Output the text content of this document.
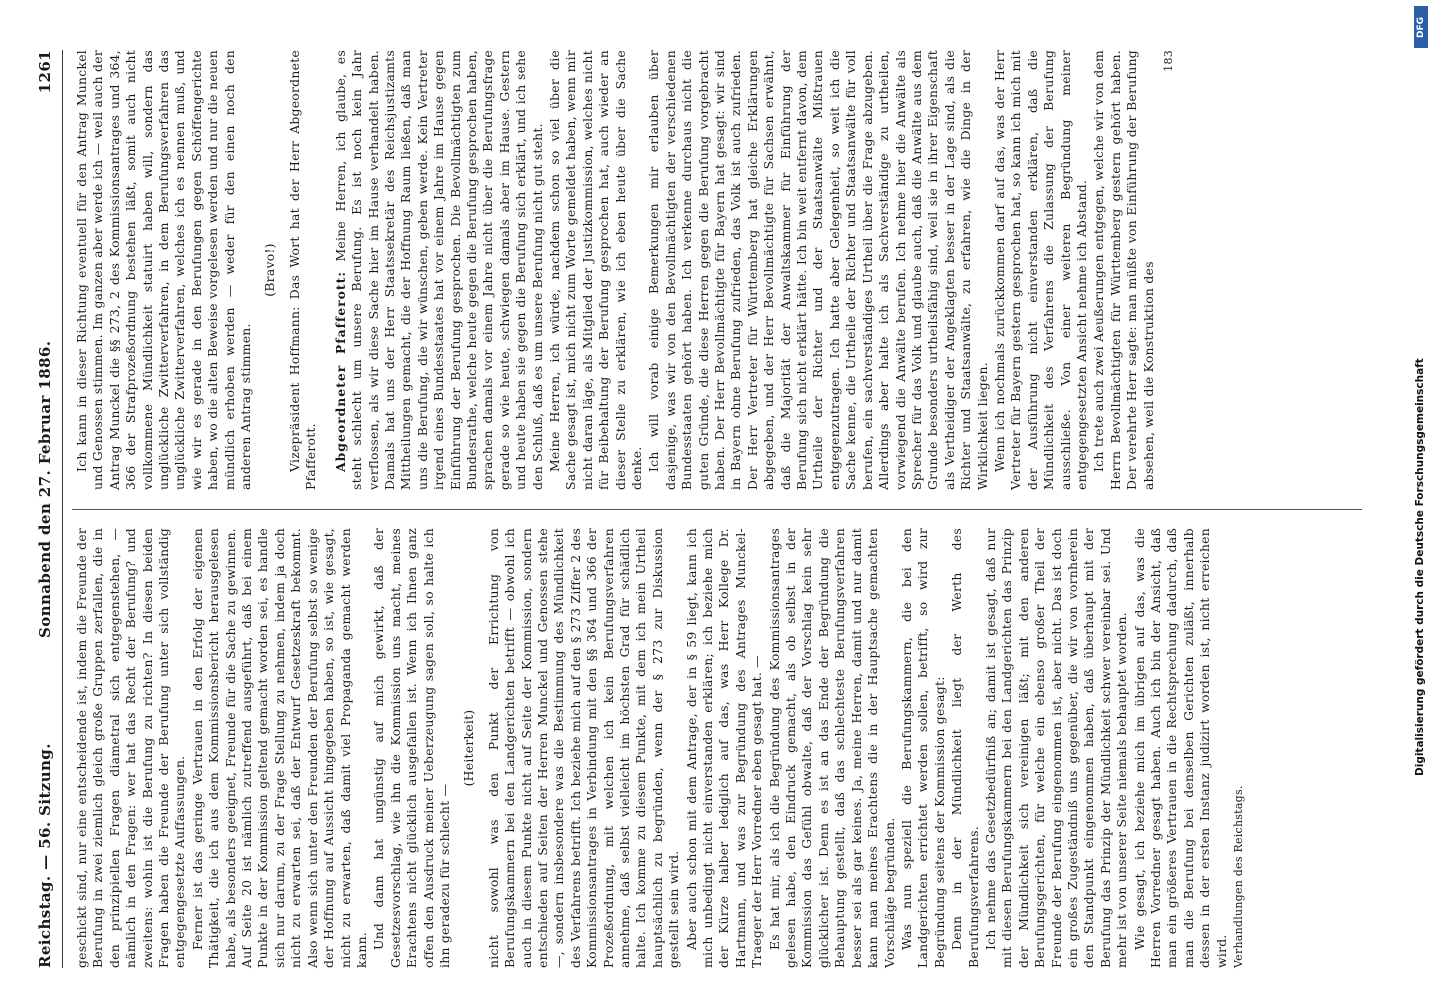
Reichstag. — 56. Sitzung.
Sonnabend den 27. Februar 1886.
1261

geschickt sind, nur eine entscheidende ist, indem die Freunde der Berufung in zwei ziemlich gleich große Gruppen zerfallen, die in den prinzipiellen Fragen diametral sich entgegenstehen, — nämlich in den Fragen: wer hat das Recht der Berufung? und zweitens: wohin ist die Berufung zu richten? In diesen beiden Fragen haben die Freunde der Berufung unter sich vollständig entgegengesetzte Auffassungen. Ferner ist das geringe Vertrauen in den Erfolg der eigenen Thätigkeit, die ich aus dem Kommissionsbericht herausgelesen habe, als besonders geeignet, Freunde für die Sache zu gewinnen. Auf Seite 20 ist nämlich zutreffend ausgeführt, daß bei einem Punkte in der Kommission geltend gemacht worden sei, es handle sich nur darum, zu der Frage Stellung zu nehmen, indem ja doch nicht zu erwarten sei, daß der Entwurf Gesetzeskraft bekommt. Also wenn sich unter den Freunden der Berufung selbst so wenige der Hoffnung auf Aussicht hingegeben haben, so ist, wie gesagt, nicht zu erwarten, daß damit viel Propaganda gemacht werden kann. Und dann hat ungünstig auf mich gewirkt, daß der Gesetzesvorschlag, wie ihn die Kommission uns macht, meines Erachtens nicht glücklich ausgefallen ist. Wenn ich Ihnen ganz offen den Ausdruck meiner Ueberzeugung sagen soll, so halte ich ihn geradezu für schlecht —

(Heiterkeit) nicht sowohl was den Punkt der Errichtung von Berufungskammern bei den Landgerichten betrifft — obwohl ich auch in diesem Punkte nicht auf Seite der Kommission, sondern entschieden auf Seiten der Herren Munckel und Genossen stehe —, sondern insbesondere was die Bestimmung des Mündlichkeit des Verfahrens betrifft. Ich beziehe mich auf den § 273 Ziffer 2 des Kommissionsantrages in Verbindung mit den §§ 364 und 366 der Prozeßordnung, mit welchen ich kein Berufungsverfahren annehme, daß selbst vielleicht im höchsten Grad für schädlich halte. Ich komme zu diesem Punkte, mit dem ich mein Urtheil hauptsächlich zu begründen, wenn der § 273 zur Diskussion gestellt sein wird. Aber auch schon mit dem Antrage, der in § 59 liegt, kann ich mich unbedingt nicht einverstanden erklären; ich beziehe mich der Kürze halber lediglich auf das, was Herr Kollege Dr. Hartmann, und was zur Begründung des Antrages Munckel-Traeger der Herr Vorredner eben gesagt hat. — Es hat mir, als ich die Begründung des Kommissionsantrages gelesen habe, den Eindruck gemacht, als ob selbst in der Kommission das Gefühl obwalte, daß der Vorschlag kein sehr glücklicher ist. Denn es ist an das Ende der Begründung die Behauptung gestellt, daß das schlechteste Berufungsverfahren besser sei als gar keines. Ja, meine Herren, damit und nur damit kann man meines Erachtens die in der Hauptsache gemachten Vorschläge begründen. Was nun speziell die Berufungskammern, die bei den Landgerichten errichtet werden sollen, betrifft, so wird zur Begründung seitens der Kommission gesagt: Denn in der Mündlichkeit liegt der Werth des Berufungsverfahrens. Ich nehme das Gesetzbedürfniß an; damit ist gesagt, daß nur mit diesen Berufungskammern bei den Landgerichten das Prinzip der Mündlichkeit sich vereinigen läßt; mit den anderen Berufungsgerichten, für welche ein ebenso großer Theil der Freunde der Berufung eingenommen ist, aber nicht. Das ist doch ein großes Zugeständniß uns gegenüber, die wir von vornherein den Standpunkt eingenommen haben, daß überhaupt mit der Berufung das Prinzip der Mündlichkeit schwer vereinbar sei. Und mehr ist von unserer Seite niemals behauptet worden. Wie gesagt, ich beziehe mich im übrigen auf das, was die Herren Vorredner gesagt haben. Auch ich bin der Ansicht, daß man ein größeres Vertrauen in die Rechtsprechung dadurch, daß man die Berufung bei denselben Gerichten zuläßt, innerhalb dessen in der ersten Instanz judizirt worden ist, nicht erreichen wird. Verhandlungen des Reichstags.

Ich kann in dieser Richtung eventuell für den Antrag Munckel und Genossen stimmen. Im ganzen aber werde ich — weil auch der Antrag Munckel die §§ 273, 2 des Kommissionsantrages und 364, 366 der Strafprozeßordnung bestehen läßt, somit auch nicht vollkommene Mündlichkeit statuirt haben will, sondern das unglückliche Zwitterverfahren, in dem Berufungsverfahren das unglückliche Zwitterverfahren, welches ich es nennen muß, und wie wir es gerade in den Berufungen gegen Schöffengerichte haben, wo die alten Beweise vorgelesen werden und nur die neuen mündlich erhoben werden — weder für den einen noch den anderen Antrag stimmen.

(Bravo!) Vizepräsident Hoffmann: Das Wort hat der Herr Abgeordnete Pfafferott. Abgeordneter Pfafferott: Meine Herren, ich glaube, es steht schlecht um unsere Berufung. Es ist noch kein Jahr verflossen, als wir diese Sache hier im Hause verhandelt haben. Damals hat uns der Herr Staatssekretär des Reichsjustizamts Mittheilungen gemacht, die der Hoffnung Raum ließen, daß man uns die Berufung, die wir wünschen, geben werde. Kein Vertreter irgend eines Bundesstaates hat vor einem Jahre im Hause gegen Einführung der Berufung gesprochen. Die Bevollmächtigten zum Bundesrathe, welche heute gegen die Berufung gesprochen haben, sprachen damals vor einem Jahre nicht über die Berufungsfrage gerade so wie heute, schwiegen damals aber im Hause. Gestern und heute haben sie gegen die Berufung sich erklärt, und ich sehe den Schluß, daß es um unsere Berufung nicht gut steht. Meine Herren, ich würde, nachdem schon so viel über die Sache gesagt ist, mich nicht zum Worte gemeldet haben, wenn mir nicht daran läge, als Mitglied der Justizkommission, welches nicht für Beibehaltung der Berufung gesprochen hat, auch wieder an dieser Stelle zu erklären, wie ich eben heute über die Sache denke. Ich will vorab einige Bemerkungen mir erlauben über dasjenige, was wir von den Bevollmächtigten der verschiedenen Bundesstaaten gehört haben. Ich verkenne durchaus nicht die guten Gründe, die diese Herren gegen die Berufung vorgebracht haben. Der Herr Bevollmächtigte für Bayern hat gesagt: wir sind in Bayern ohne Berufung zufrieden, das Volk ist auch zufrieden. Der Herr Vertreter für Württemberg hat gleiche Erklärungen abgegeben, und der Herr Bevollmächtigte für Sachsen erwähnt, daß die Majorität der Anwaltskammer für Einführung der Berufung sich nicht erklärt hätte. Ich bin weit entfernt davon, dem Urtheile der Richter und der Staatsanwälte Mißtrauen entgegenzutragen. Ich hatte aber Gelegenheit, so weit ich die Sache kenne, die Urtheile der Richter und Staatsanwälte für voll berufen, ein sachverständiges Urtheil über die Frage abzugeben. Allerdings aber halte ich als Sachverständige zu urtheilen, vorwiegend die Anwälte berufen. Ich nehme hier die Anwälte als Sprecher für das Volk und glaube auch, daß die Anwälte aus dem Grunde besonders urtheilsfähig sind, weil sie in ihrer Eigenschaft als Vertheidiger der Angeklagten besser in der Lage sind, als die Richter und Staatsanwälte, zu erfahren, wie die Dinge in der Wirklichkeit liegen. Wenn ich nochmals zurückkommen darf auf das, was der Herr Vertreter für Bayern gestern gesprochen hat, so kann ich mich mit der Ausführung nicht einverstanden erklären, daß die Mündlichkeit des Verfahrens die Zulassung der Berufung ausschließe. Von einer weiteren Begründung meiner entgegengesetzten Ansicht nehme ich Abstand. Ich trete auch zwei Aeußerungen entgegen, welche wir von dem Herrn Bevollmächtigten für Württemberg gestern gehört haben. Der verehrte Herr sagte: man müßte von Einführung der Berufung absehen, weil die Konstruktion des

183

DFG
Digitalisierung gefördert durch die Deutsche Forschungsgemeinschaft
